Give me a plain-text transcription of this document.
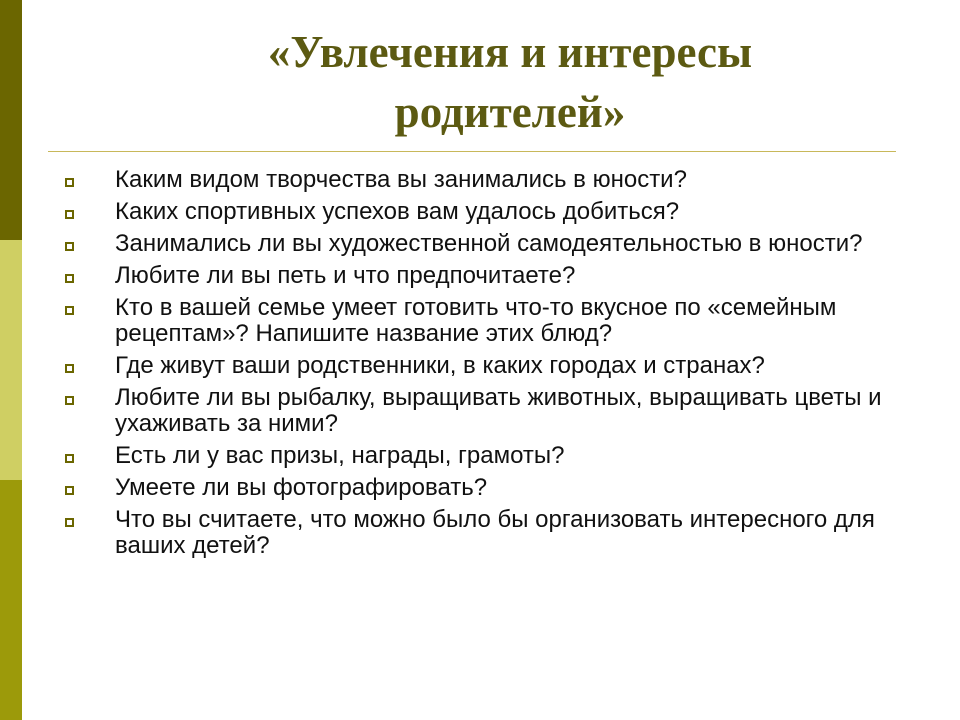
«Увлечения и интересы родителей»
Каким видом творчества вы занимались в юности?
Каких спортивных успехов вам удалось добиться?
Занимались ли вы художественной самодеятельностью в юности?
Любите ли вы петь и что предпочитаете?
Кто в вашей семье умеет готовить что-то вкусное по «семейным рецептам»? Напишите название этих блюд?
Где живут ваши родственники, в каких городах и странах?
Любите ли вы рыбалку, выращивать животных, выращивать цветы и ухаживать за ними?
Есть ли у вас призы, награды, грамоты?
Умеете ли вы фотографировать?
Что вы считаете, что можно было бы организовать интересного для ваших детей?
